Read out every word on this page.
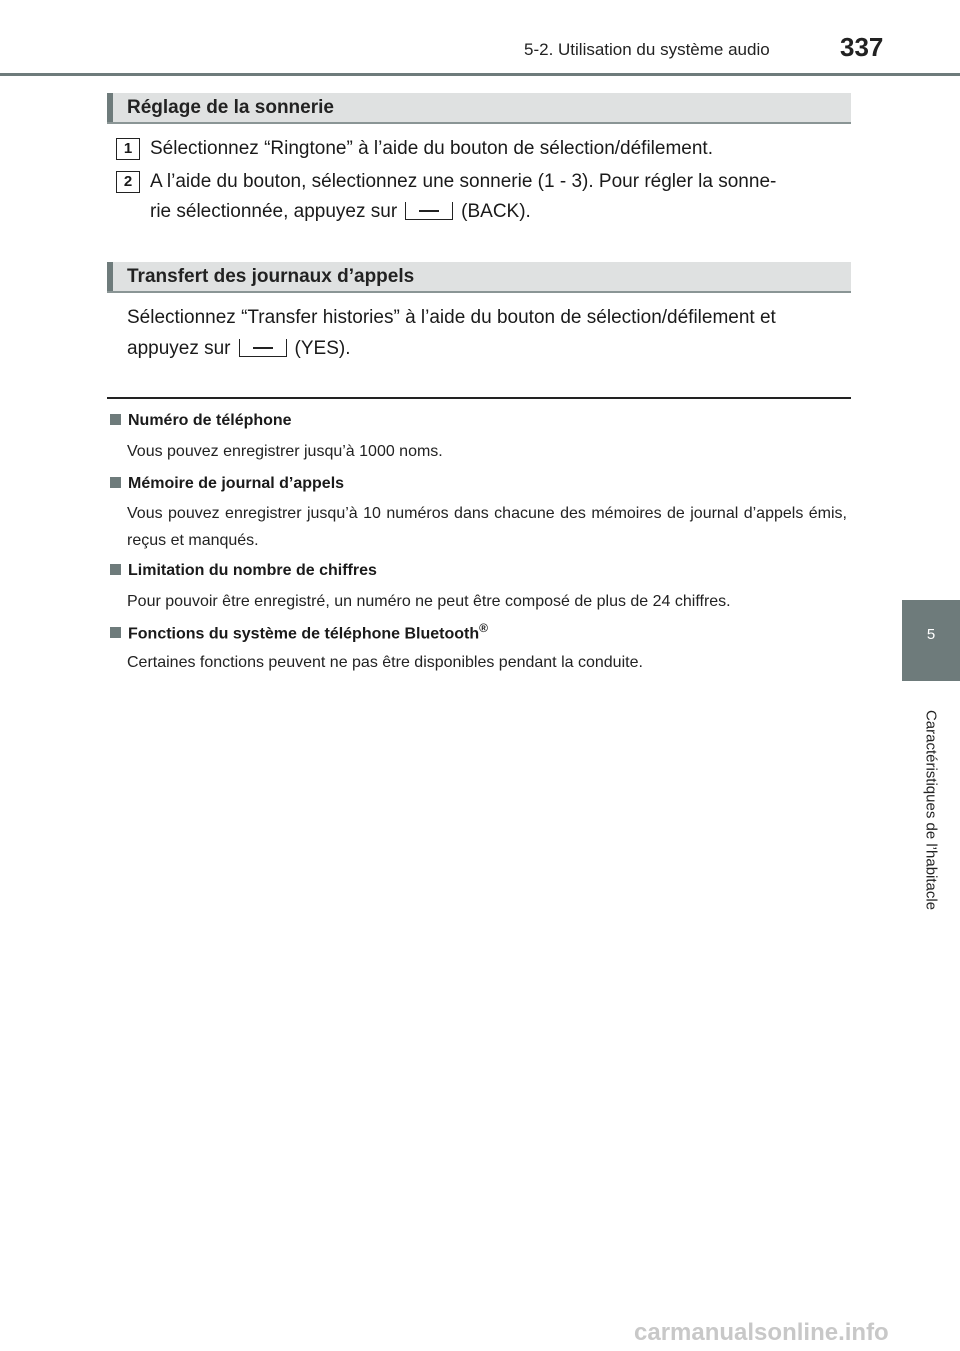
5-2. Utilisation du système audio	337
5
Caractéristiques de l’habitacle
Réglage de la sonnerie
1 Sélectionnez “Ringtone” à l’aide du bouton de sélection/défilement.
2 A l’aide du bouton, sélectionnez une sonnerie (1 - 3). Pour régler la sonne-
rie sélectionnée, appuyez sur	(BACK).
Transfert des journaux d’appels
Sélectionnez “Transfer histories” à l’aide du bouton de sélection/défilement et
appuyez sur	(YES).
Numéro de téléphone
Vous pouvez enregistrer jusqu’à 1000 noms.
Mémoire de journal d’appels
Vous pouvez enregistrer jusqu’à 10 numéros dans chacune des mémoires de journal d’appels émis, reçus et manqués.
Limitation du nombre de chiffres
Pour pouvoir être enregistré, un numéro ne peut être composé de plus de 24 chiffres.
Fonctions du système de téléphone Bluetooth®
Certaines fonctions peuvent ne pas être disponibles pendant la conduite.
carmanualsonline.info
